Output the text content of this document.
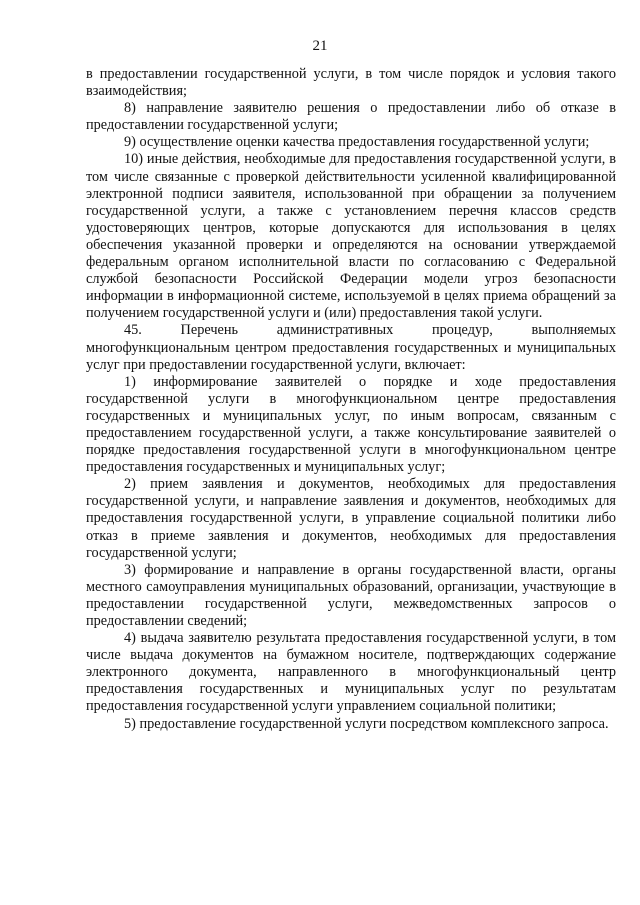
21

в предоставлении государственной услуги, в том числе порядок и условия такого взаимодействия;

8) направление заявителю решения о предоставлении либо об отказе в предоставлении государственной услуги;

9) осуществление оценки качества предоставления государственной услуги;

10) иные действия, необходимые для предоставления государственной услуги, в том числе связанные с проверкой действительности усиленной квалифицированной электронной подписи заявителя, использованной при обращении за получением государственной услуги, а также с установлением перечня классов средств удостоверяющих центров, которые допускаются для использования в целях обеспечения указанной проверки и определяются на основании утверждаемой федеральным органом исполнительной власти по согласованию с Федеральной службой безопасности Российской Федерации модели угроз безопасности информации в информационной системе, используемой в целях приема обращений за получением государственной услуги и (или) предоставления такой услуги.

45. Перечень административных процедур, выполняемых многофункциональным центром предоставления государственных и муниципальных услуг при предоставлении государственной услуги, включает:

1) информирование заявителей о порядке и ходе предоставления государственной услуги в многофункциональном центре предоставления государственных и муниципальных услуг, по иным вопросам, связанным с предоставлением государственной услуги, а также консультирование заявителей о порядке предоставления государственной услуги в многофункциональном центре предоставления государственных и муниципальных услуг;

2) прием заявления и документов, необходимых для предоставления государственной услуги, и направление заявления и документов, необходимых для предоставления государственной услуги, в управление социальной политики либо отказ в приеме заявления и документов, необходимых для предоставления государственной услуги;

3) формирование и направление в органы государственной власти, органы местного самоуправления муниципальных образований, организации, участвующие в предоставлении государственной услуги, межведомственных запросов о предоставлении сведений;

4) выдача заявителю результата предоставления государственной услуги, в том числе выдача документов на бумажном носителе, подтверждающих содержание электронного документа, направленного в многофункциональный центр предоставления государственных и муниципальных услуг по результатам предоставления государственной услуги управлением социальной политики;

5) предоставление государственной услуги посредством комплексного запроса.
